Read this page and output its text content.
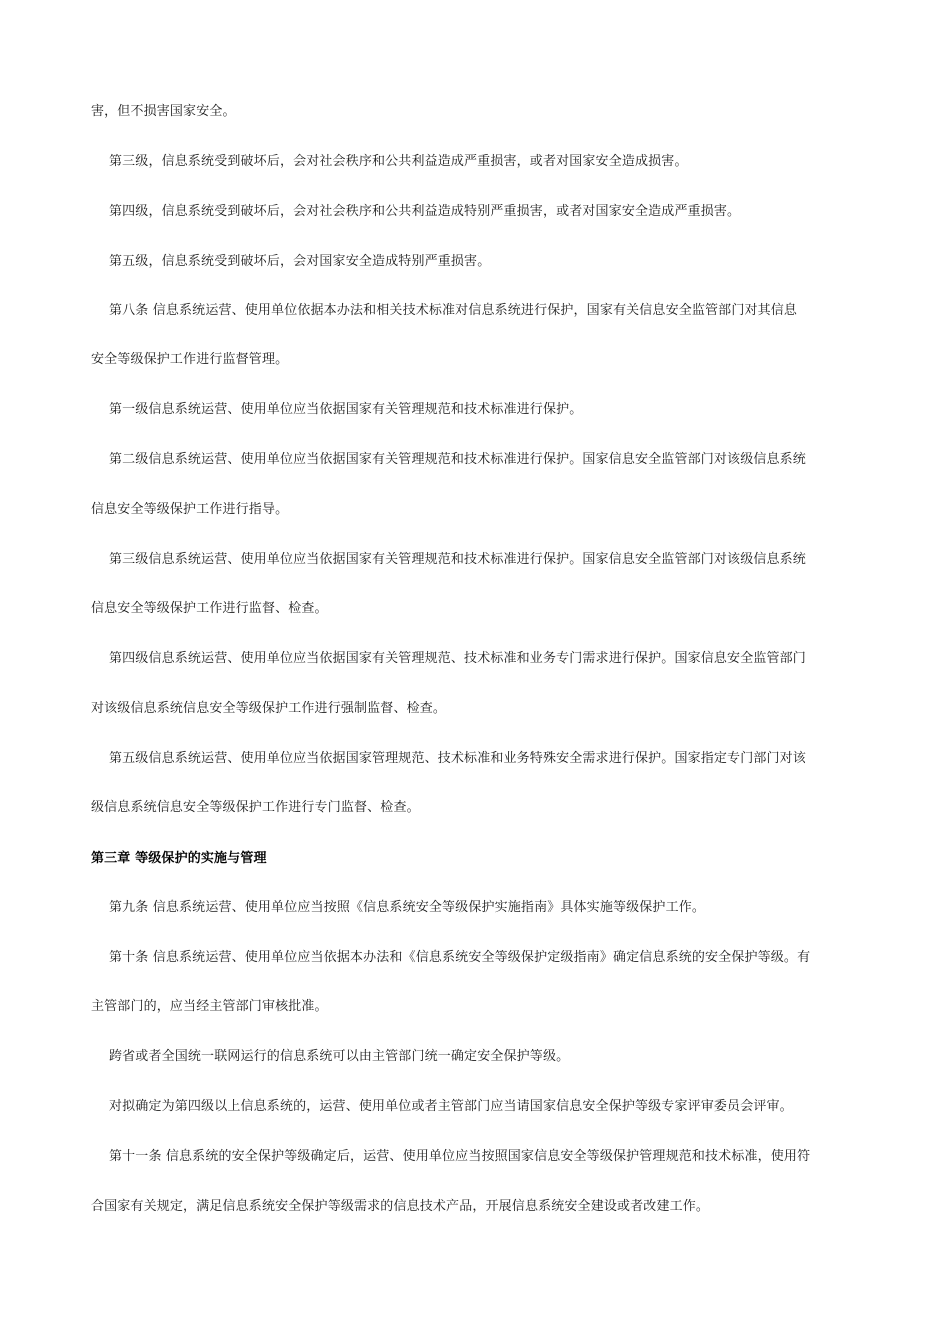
害，但不损害国家安全。
第三级，信息系统受到破坏后，会对社会秩序和公共利益造成严重损害，或者对国家安全造成损害。
第四级，信息系统受到破坏后，会对社会秩序和公共利益造成特别严重损害，或者对国家安全造成严重损害。
第五级，信息系统受到破坏后，会对国家安全造成特别严重损害。
第八条 信息系统运营、使用单位依据本办法和相关技术标准对信息系统进行保护，国家有关信息安全监管部门对其信息
安全等级保护工作进行监督管理。
第一级信息系统运营、使用单位应当依据国家有关管理规范和技术标准进行保护。
第二级信息系统运营、使用单位应当依据国家有关管理规范和技术标准进行保护。国家信息安全监管部门对该级信息系统
信息安全等级保护工作进行指导。
第三级信息系统运营、使用单位应当依据国家有关管理规范和技术标准进行保护。国家信息安全监管部门对该级信息系统
信息安全等级保护工作进行监督、检查。
第四级信息系统运营、使用单位应当依据国家有关管理规范、技术标准和业务专门需求进行保护。国家信息安全监管部门
对该级信息系统信息安全等级保护工作进行强制监督、检查。
第五级信息系统运营、使用单位应当依据国家管理规范、技术标准和业务特殊安全需求进行保护。国家指定专门部门对该
级信息系统信息安全等级保护工作进行专门监督、检查。
第三章 等级保护的实施与管理
第九条 信息系统运营、使用单位应当按照《信息系统安全等级保护实施指南》具体实施等级保护工作。
第十条 信息系统运营、使用单位应当依据本办法和《信息系统安全等级保护定级指南》确定信息系统的安全保护等级。有
主管部门的，应当经主管部门审核批准。
跨省或者全国统一联网运行的信息系统可以由主管部门统一确定安全保护等级。
对拟确定为第四级以上信息系统的，运营、使用单位或者主管部门应当请国家信息安全保护等级专家评审委员会评审。
第十一条 信息系统的安全保护等级确定后，运营、使用单位应当按照国家信息安全等级保护管理规范和技术标准，使用符
合国家有关规定，满足信息系统安全保护等级需求的信息技术产品，开展信息系统安全建设或者改建工作。
